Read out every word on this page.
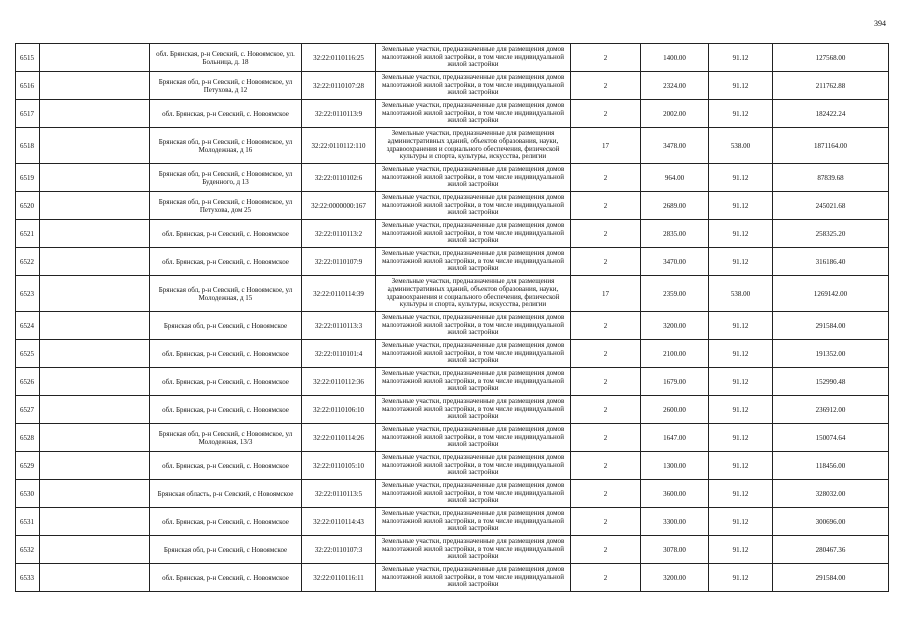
394
6515		обл. Брянская, р-н Севский, с. Новоямское, ул. Больница, д. 18	32:22:0110116:25	Земельные участки, предназначенные для размещения домов малоэтажной жилой застройки, в том числе индивидуальной жилой застройки	2	1400.00	91.12	127568.00
6516		Брянская обл, р-н Севский, с Новоямское, ул Петухова, д 12	32:22:0110107:28	Земельные участки, предназначенные для размещения домов малоэтажной жилой застройки, в том числе индивидуальной жилой застройки	2	2324.00	91.12	211762.88
6517		обл. Брянская, р-н Севский, с. Новоямское	32:22:0110113:9	Земельные участки, предназначенные для размещения домов малоэтажной жилой застройки, в том числе индивидуальной жилой застройки	2	2002.00	91.12	182422.24
6518		Брянская обл, р-н Севский, с Новоямское, ул Молодежная, д 16	32:22:0110112:110	Земельные участки, предназначенные для размещения административных зданий, объектов образования, науки, здравоохранения и социального обеспечения, физической культуры и спорта, культуры, искусства, религии	17	3478.00	538.00	1871164.00
6519		Брянская обл, р-н Севский, с Новоямское, ул Буденного, д 13	32:22:0110102:6	Земельные участки, предназначенные для размещения домов малоэтажной жилой застройки, в том числе индивидуальной жилой застройки	2	964.00	91.12	87839.68
6520		Брянская обл, р-н Севский, с Новоямское, ул Петухова, дом 25	32:22:0000000:167	Земельные участки, предназначенные для размещения домов малоэтажной жилой застройки, в том числе индивидуальной жилой застройки	2	2689.00	91.12	245021.68
6521		обл. Брянская, р-н Севский, с. Новоямское	32:22:0110113:2	Земельные участки, предназначенные для размещения домов малоэтажной жилой застройки, в том числе индивидуальной жилой застройки	2	2835.00	91.12	258325.20
6522		обл. Брянская, р-н Севский, с. Новоямское	32:22:0110107:9	Земельные участки, предназначенные для размещения домов малоэтажной жилой застройки, в том числе индивидуальной жилой застройки	2	3470.00	91.12	316186.40
6523		Брянская обл, р-н Севский, с Новоямское, ул Молодежная, д 15	32:22:0110114:39	Земельные участки, предназначенные для размещения административных зданий, объектов образования, науки, здравоохранения и социального обеспечения, физической культуры и спорта, культуры, искусства, религии	17	2359.00	538.00	1269142.00
6524		Брянская обл, р-н Севский, с Новоямское	32:22:0110113:3	Земельные участки, предназначенные для размещения домов малоэтажной жилой застройки, в том числе индивидуальной жилой застройки	2	3200.00	91.12	291584.00
6525		обл. Брянская, р-н Севский, с. Новоямское	32:22:0110101:4	Земельные участки, предназначенные для размещения домов малоэтажной жилой застройки, в том числе индивидуальной жилой застройки	2	2100.00	91.12	191352.00
6526		обл. Брянская, р-н Севский, с. Новоямское	32:22:0110112:36	Земельные участки, предназначенные для размещения домов малоэтажной жилой застройки, в том числе индивидуальной жилой застройки	2	1679.00	91.12	152990.48
6527		обл. Брянская, р-н Севский, с. Новоямское	32:22:0110106:10	Земельные участки, предназначенные для размещения домов малоэтажной жилой застройки, в том числе индивидуальной жилой застройки	2	2600.00	91.12	236912.00
6528		Брянская обл, р-н Севский, с Новоямское, ул Молодежная, 13/3	32:22:0110114:26	Земельные участки, предназначенные для размещения домов малоэтажной жилой застройки, в том числе индивидуальной жилой застройки	2	1647.00	91.12	150074.64
6529		обл. Брянская, р-н Севский, с. Новоямское	32:22:0110105:10	Земельные участки, предназначенные для размещения домов малоэтажной жилой застройки, в том числе индивидуальной жилой застройки	2	1300.00	91.12	118456.00
6530		Брянская область, р-н Севский, с Новоямское	32:22:0110113:5	Земельные участки, предназначенные для размещения домов малоэтажной жилой застройки, в том числе индивидуальной жилой застройки	2	3600.00	91.12	328032.00
6531		обл. Брянская, р-н Севский, с. Новоямское	32:22:0110114:43	Земельные участки, предназначенные для размещения домов малоэтажной жилой застройки, в том числе индивидуальной жилой застройки	2	3300.00	91.12	300696.00
6532		Брянская обл, р-н Севский, с Новоямское	32:22:0110107:3	Земельные участки, предназначенные для размещения домов малоэтажной жилой застройки, в том числе индивидуальной жилой застройки	2	3078.00	91.12	280467.36
6533		обл. Брянская, р-н Севский, с. Новоямское	32:22:0110116:11	Земельные участки, предназначенные для размещения домов малоэтажной жилой застройки, в том числе индивидуальной жилой застройки	2	3200.00	91.12	291584.00
